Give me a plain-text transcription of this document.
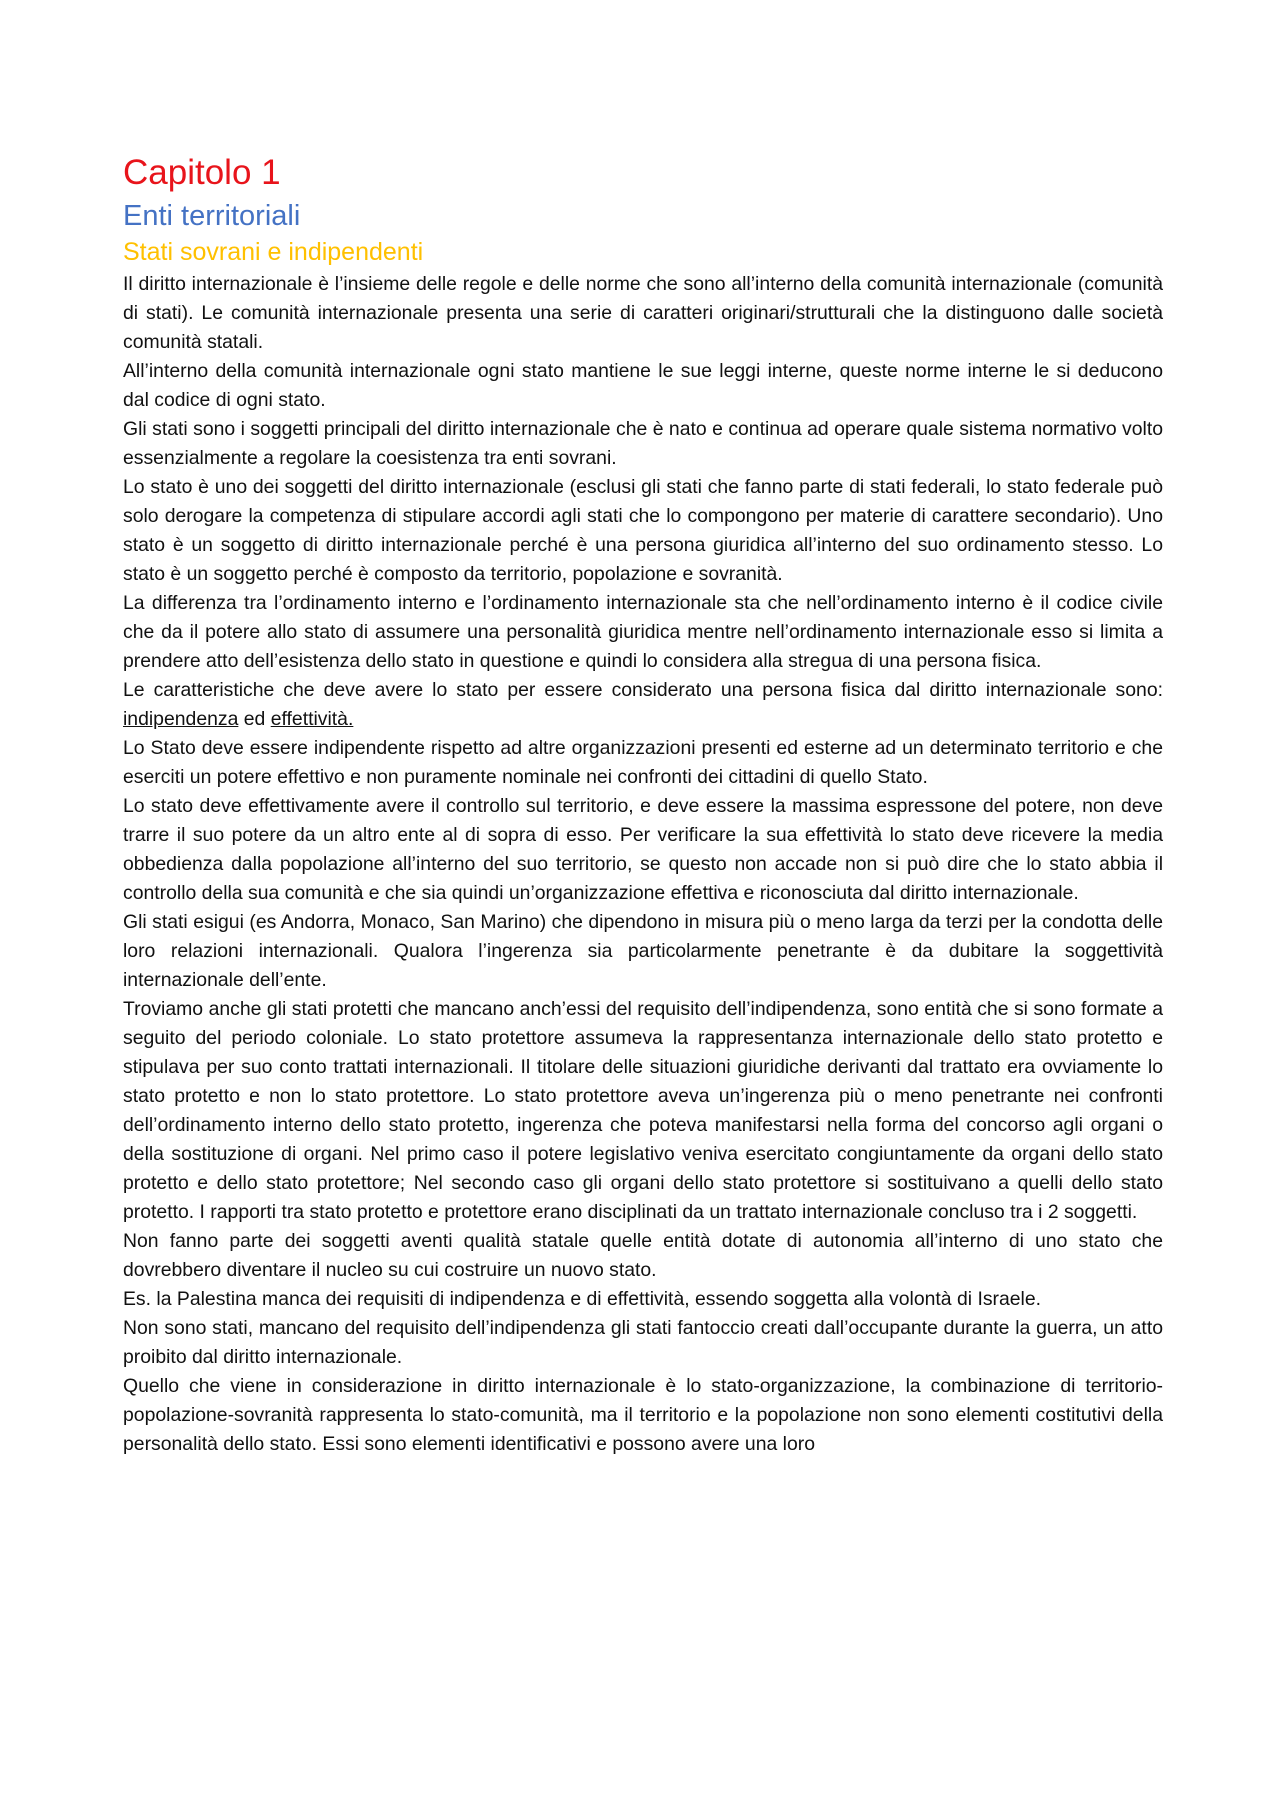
Capitolo 1
Enti territoriali
Stati sovrani e indipendenti

Il diritto internazionale è l’insieme delle regole e delle norme che sono all’interno della comunità internazionale (comunità di stati). Le comunità internazionale presenta una serie di caratteri originari/strutturali che la distinguono dalle società comunità statali.

All’interno della comunità internazionale ogni stato mantiene le sue leggi interne, queste norme interne le si deducono dal codice di ogni stato.

Gli stati sono i soggetti principali del diritto internazionale che è nato e continua ad operare quale sistema normativo volto essenzialmente a regolare la coesistenza tra enti sovrani.

Lo stato è uno dei soggetti del diritto internazionale (esclusi gli stati che fanno parte di stati federali, lo stato federale può solo derogare la competenza di stipulare accordi agli stati che lo compongono per materie di carattere secondario). Uno stato è un soggetto di diritto internazionale perché è una persona giuridica all’interno del suo ordinamento stesso. Lo stato è un soggetto perché è composto da territorio, popolazione e sovranità.

La differenza tra l’ordinamento interno e l’ordinamento internazionale sta che nell’ordinamento interno è il codice civile che da il potere allo stato di assumere una personalità giuridica mentre nell’ordinamento internazionale esso si limita a prendere atto dell’esistenza dello stato in questione e quindi lo considera alla stregua di una persona fisica.

Le caratteristiche che deve avere lo stato per essere considerato una persona fisica dal diritto internazionale sono: indipendenza ed effettività.

Lo Stato deve essere indipendente rispetto ad altre organizzazioni presenti ed esterne ad un determinato territorio e che eserciti un potere effettivo e non puramente nominale nei confronti dei cittadini di quello Stato.

Lo stato deve effettivamente avere il controllo sul territorio, e deve essere la massima espressone del potere, non deve trarre il suo potere da un altro ente al di sopra di esso. Per verificare la sua effettività lo stato deve ricevere la media obbedienza dalla popolazione all’interno del suo territorio, se questo non accade non si può dire che lo stato abbia il controllo della sua comunità e che sia quindi un’organizzazione effettiva e riconosciuta dal diritto internazionale.

Gli stati esigui (es Andorra, Monaco, San Marino) che dipendono in misura più o meno larga da terzi per la condotta delle loro relazioni internazionali. Qualora l’ingerenza sia particolarmente penetrante è da dubitare la soggettività internazionale dell’ente.

Troviamo anche gli stati protetti che mancano anch’essi del requisito dell’indipendenza, sono entità che si sono formate a seguito del periodo coloniale. Lo stato protettore assumeva la rappresentanza internazionale dello stato protetto e stipulava per suo conto trattati internazionali. Il titolare delle situazioni giuridiche derivanti dal trattato era ovviamente lo stato protetto e non lo stato protettore. Lo stato protettore aveva un’ingerenza più o meno penetrante nei confronti dell’ordinamento interno dello stato protetto, ingerenza che poteva manifestarsi nella forma del concorso agli organi o della sostituzione di organi. Nel primo caso il potere legislativo veniva esercitato congiuntamente da organi dello stato protetto e dello stato protettore; Nel secondo caso gli organi dello stato protettore si sostituivano a quelli dello stato protetto. I rapporti tra stato protetto e protettore erano disciplinati da un trattato internazionale concluso tra i 2 soggetti.

Non fanno parte dei soggetti aventi qualità statale quelle entità dotate di autonomia all’interno di uno stato che dovrebbero diventare il nucleo su cui costruire un nuovo stato.

Es. la Palestina manca dei requisiti di indipendenza e di effettività, essendo soggetta alla volontà di Israele.

Non sono stati, mancano del requisito dell’indipendenza gli stati fantoccio creati dall’occupante durante la guerra, un atto proibito dal diritto internazionale.

Quello che viene in considerazione in diritto internazionale è lo stato-organizzazione, la combinazione di territorio-popolazione-sovranità rappresenta lo stato-comunità, ma il territorio e la popolazione non sono elementi costitutivi della personalità dello stato. Essi sono elementi identificativi e possono avere una loro
